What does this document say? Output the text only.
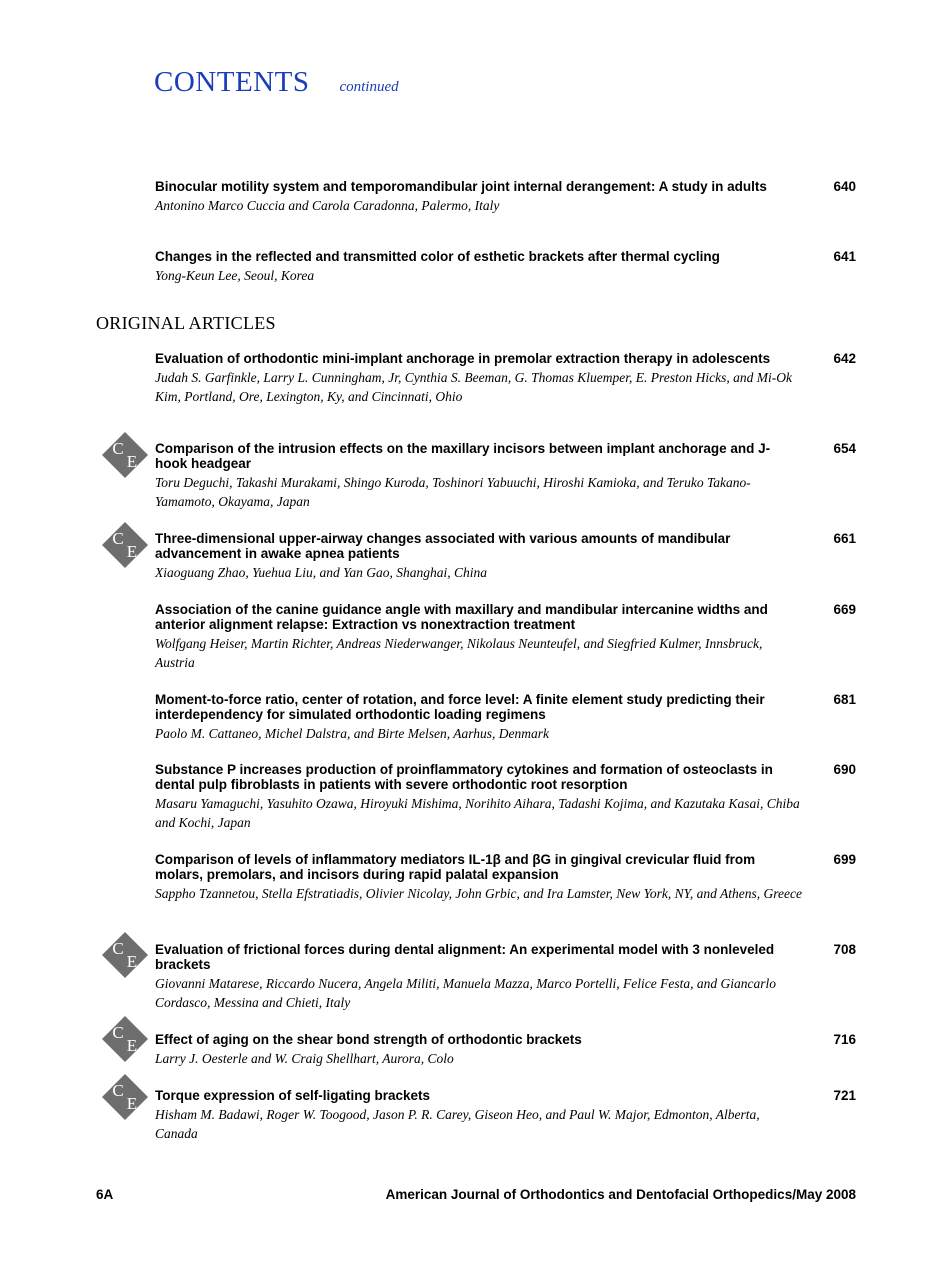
CONTENTS continued
ORIGINAL ARTICLES
Binocular motility system and temporomandibular joint internal derangement: A study in adults
Antonino Marco Cuccia and Carola Caradonna, Palermo, Italy
640
Changes in the reflected and transmitted color of esthetic brackets after thermal cycling
Yong-Keun Lee, Seoul, Korea
641
Evaluation of orthodontic mini-implant anchorage in premolar extraction therapy in adolescents
Judah S. Garfinkle, Larry L. Cunningham, Jr, Cynthia S. Beeman, G. Thomas Kluemper, E. Preston Hicks, and Mi-Ok Kim, Portland, Ore, Lexington, Ky, and Cincinnati, Ohio
642
C
E
Comparison of the intrusion effects on the maxillary incisors between implant anchorage and J-hook headgear
Toru Deguchi, Takashi Murakami, Shingo Kuroda, Toshinori Yabuuchi, Hiroshi Kamioka, and Teruko Takano-Yamamoto, Okayama, Japan
654
C
E
Three-dimensional upper-airway changes associated with various amounts of mandibular advancement in awake apnea patients
Xiaoguang Zhao, Yuehua Liu, and Yan Gao, Shanghai, China
661
Association of the canine guidance angle with maxillary and mandibular intercanine widths and anterior alignment relapse: Extraction vs nonextraction treatment
Wolfgang Heiser, Martin Richter, Andreas Niederwanger, Nikolaus Neunteufel, and Siegfried Kulmer, Innsbruck, Austria
669
Moment-to-force ratio, center of rotation, and force level: A finite element study predicting their interdependency for simulated orthodontic loading regimens
Paolo M. Cattaneo, Michel Dalstra, and Birte Melsen, Aarhus, Denmark
681
Substance P increases production of proinflammatory cytokines and formation of osteoclasts in dental pulp fibroblasts in patients with severe orthodontic root resorption
Masaru Yamaguchi, Yasuhito Ozawa, Hiroyuki Mishima, Norihito Aihara, Tadashi Kojima, and Kazutaka Kasai, Chiba and Kochi, Japan
690
Comparison of levels of inflammatory mediators IL-1β and βG in gingival crevicular fluid from molars, premolars, and incisors during rapid palatal expansion
Sappho Tzannetou, Stella Efstratiadis, Olivier Nicolay, John Grbic, and Ira Lamster, New York, NY, and Athens, Greece
699
C
E
Evaluation of frictional forces during dental alignment: An experimental model with 3 nonleveled brackets
Giovanni Matarese, Riccardo Nucera, Angela Militi, Manuela Mazza, Marco Portelli, Felice Festa, and Giancarlo Cordasco, Messina and Chieti, Italy
708
C
E Effect of aging on the shear bond strength of orthodontic brackets
Larry J. Oesterle and W. Craig Shellhart, Aurora, Colo
716
C
E Torque expression of self-ligating brackets
Hisham M. Badawi, Roger W. Toogood, Jason P. R. Carey, Giseon Heo, and Paul W. Major, Edmonton, Alberta, Canada
721
6A	American Journal of Orthodontics and Dentofacial Orthopedics/May 2008
